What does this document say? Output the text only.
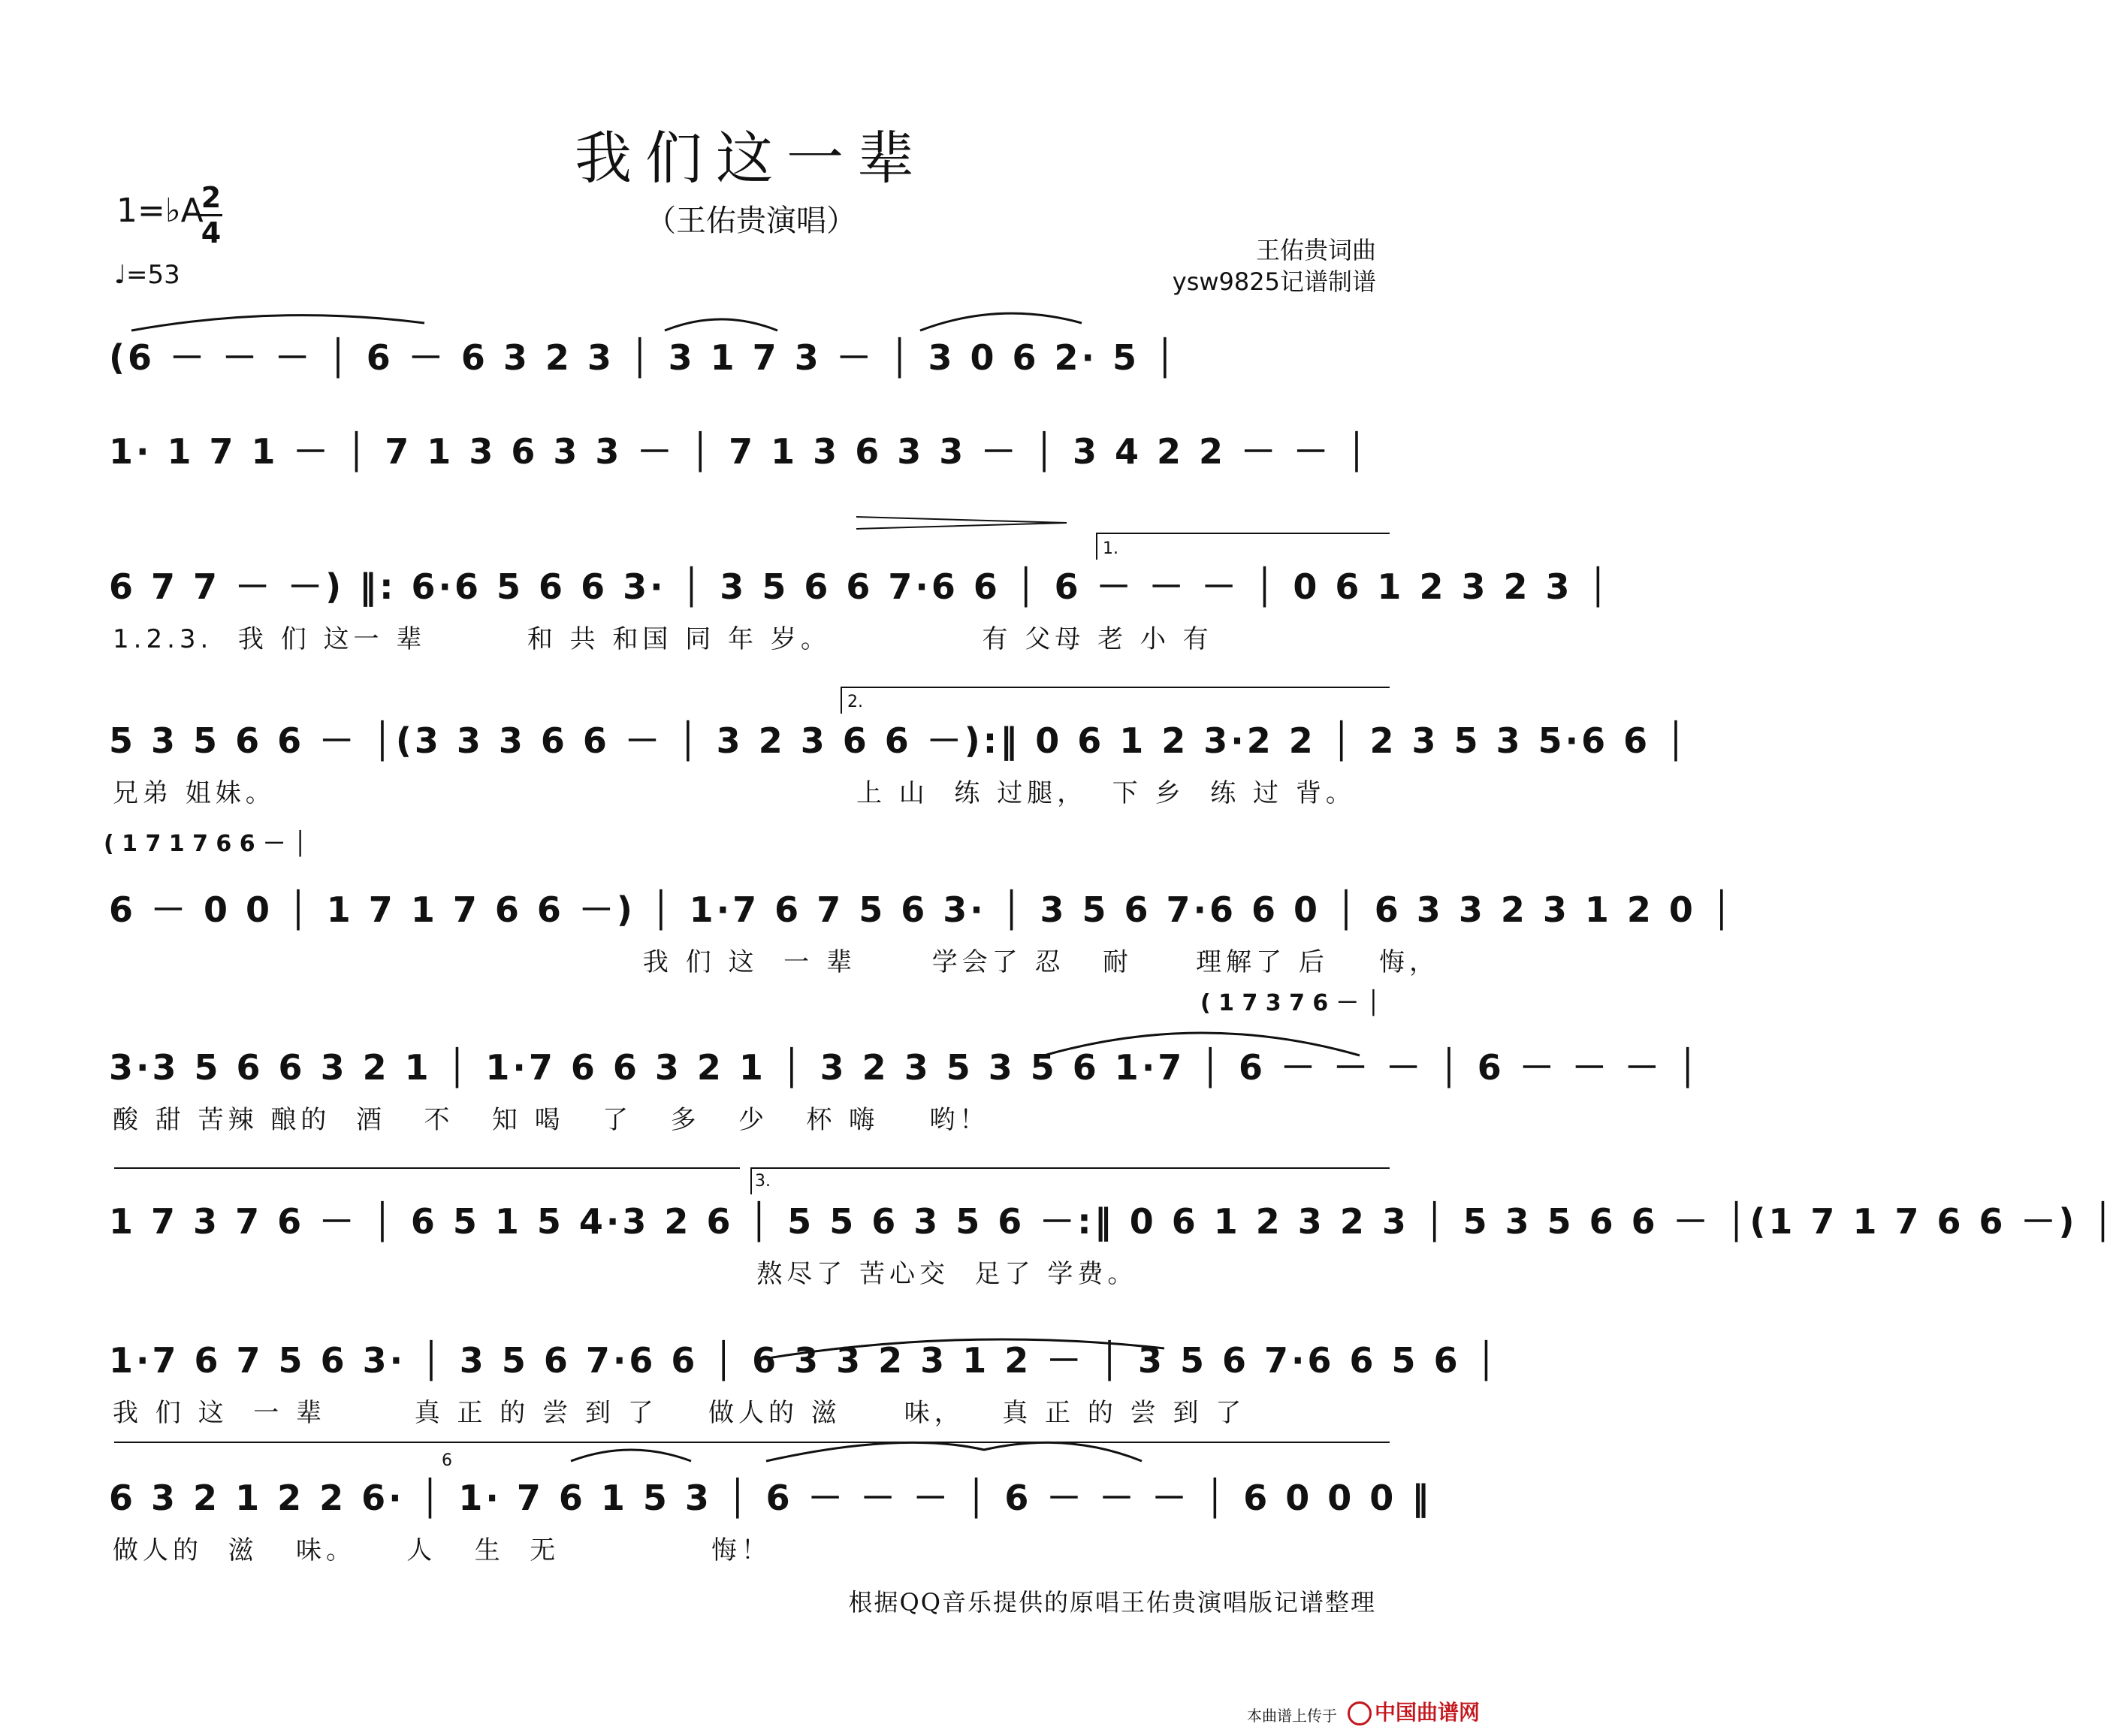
我们这一辈
（王佑贵演唱）
1=♭A
2
4
♩=53
王佑贵词曲
ysw9825记谱制谱
(6 － － － │ 6 － 6 3 2 3 │ 3 1 7 3 － │ 3 0 6 2· 5 │
1· 1 7 1 － │ 7 1 3 6 3 3 － │ 7 1 3 6 3 3 － │ 3 4 2 2 － － │
6 7 7 － －) ‖: 6·6 5 6 6 3· │ 3 5 6 6 7·6 6 │ 6 － － － │ 0 6 1 2 3 2 3 │
1.2.3.  我 们 这一 辈        和 共 和国 同 年 岁。            有 父母 老 小 有
5 3 5 6 6 － │(3 3 3 6 6 － │ 3 2 3 6 6 －):‖ 0 6 1 2 3·2 2 │ 2 3 5 3 5·6 6 │
兄弟 姐妹。                                              上 山  练 过腿，  下 乡  练 过 背。
6 － 0 0 │ 1 7 1 7 6 6 －) │ 1·7 6 7 5 6 3· │ 3 5 6 7·6 6 0 │ 6 3 3 2 3 1 2 0 │
我 们 这  一 辈      学会了 忍   耐     理解了 后    悔，
3·3 5 6 6 3 2 1 │ 1·7 6 6 3 2 1 │ 3 2 3 5 3 5 6 1·7 │ 6 － － － │ 6 － － － │
酸 甜 苦辣 酿的  酒   不   知 喝   了   多   少   杯 嗨    哟！
1 7 3 7 6 － │ 6 5 1 5 4·3 2 6 │ 5 5 6 3 5 6 －:‖ 0 6 1 2 3 2 3 │ 5 3 5 6 6 － │(1 7 1 7 6 6 －) │
熬尽了 苦心交  足了 学费。
1·7 6 7 5 6 3· │ 3 5 6 7·6 6 │ 6 3 3 2 3 1 2 － │ 3 5 6 7·6 6 5 6 │
我 们 这  一 辈       真 正 的 尝 到 了    做人的 滋     味，   真 正 的 尝 到 了
6 3 2 1 2 2 6· │ 1· 7 6 1 5 3 │ 6 － － － │ 6 － － － │ 6 0 0 0 ‖
做人的  滋   味。    人   生  无            悔！
1.
2.
3.
( 1 7 1 7 6 6 － │
( 1 7 3 7 6 － │
6
根据QQ音乐提供的原唱王佑贵演唱版记谱整理
本曲谱上传于	中国曲谱网
